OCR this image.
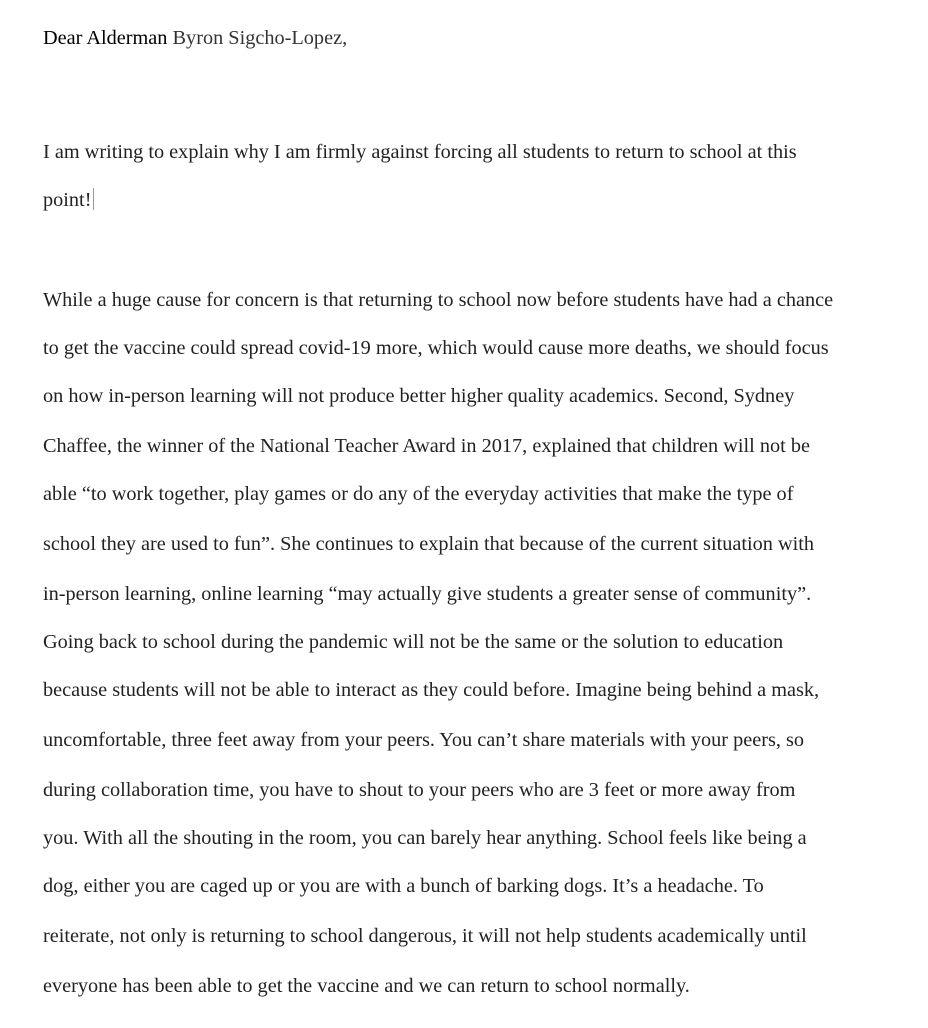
Dear Alderman Byron Sigcho-Lopez,
I am writing to explain why I am firmly against forcing all students to return to school at this
point!
While a huge cause for concern is that returning to school now before students have had a chance
to get the vaccine could spread covid-19 more, which would cause more deaths, we should focus
on how in-person learning will not produce better higher quality academics. Second, Sydney
Chaffee, the winner of the National Teacher Award in 2017, explained that children will not be
able “to work together, play games or do any of the everyday activities that make the type of
school they are used to fun”. She continues to explain that because of the current situation with
in-person learning, online learning “may actually give students a greater sense of community”.
Going back to school during the pandemic will not be the same or the solution to education
because students will not be able to interact as they could before. Imagine being behind a mask,
uncomfortable, three feet away from your peers. You can’t share materials with your peers, so
during collaboration time, you have to shout to your peers who are 3 feet or more away from
you. With all the shouting in the room, you can barely hear anything. School feels like being a
dog, either you are caged up or you are with a bunch of barking dogs. It’s a headache. To
reiterate, not only is returning to school dangerous, it will not help students academically until
everyone has been able to get the vaccine and we can return to school normally.
